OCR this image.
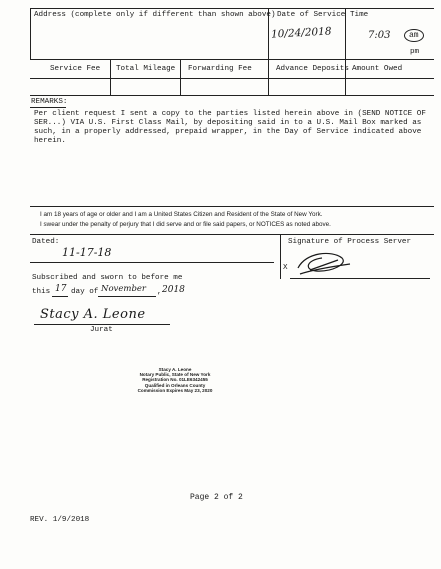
Address (complete only if different than shown above) Date of Service
10/24/2018
Time
7:03	am
pm
Service Fee Total Mileage Forwarding Fee	Advance Deposits Amount Owed
REMARKS:
Per client request I sent a copy to the parties listed herein above in (SEND NOTICE OF
SER...) VIA U.S. First Class Mail, by depositing said in to a U.S. Mail Box marked as
such, in a properly addressed, prepaid wrapper, in the Day of Service indicated above
herein.
I am 18 years of age or older and I am a United States Citizen and Resident of the State of New York.
I swear under the penalty of perjury that I did serve and or file said papers, or NOTICES as noted above.
Dated:
11-17-18
Signature of Process Server
X
Subscribed and sworn to before me
this 17 day of November , 2018
Stacy A. Leone
Jurat
Stacy A. Leone
Notary Public, State of New York
Registration No. 01LE6342455
Qualified in Orleans County
Commission Expires May 23, 2020
Page 2 of 2
REV. 1/9/2018
